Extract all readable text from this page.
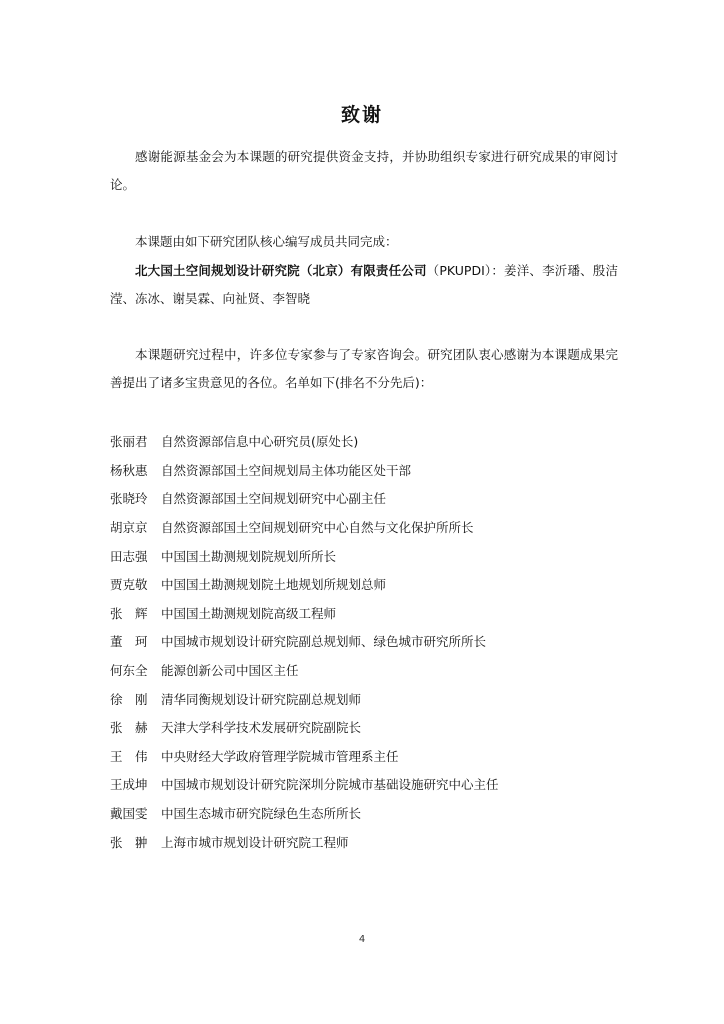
致谢
感谢能源基金会为本课题的研究提供资金支持，并协助组织专家进行研究成果的审阅讨论。
本课题由如下研究团队核心编写成员共同完成：
北大国土空间规划设计研究院（北京）有限责任公司（PKUPDI）：姜洋、李沂璠、殷洁滢、冻冰、谢昊霖、向祉贤、李智晓
本课题研究过程中，许多位专家参与了专家咨询会。研究团队衷心感谢为本课题成果完善提出了诸多宝贵意见的各位。名单如下(排名不分先后)：
张丽君	自然资源部信息中心研究员(原处长)
杨秋惠	自然资源部国土空间规划局主体功能区处干部
张晓玲	自然资源部国土空间规划研究中心副主任
胡京京	自然资源部国土空间规划研究中心自然与文化保护所所长
田志强	中国国土勘测规划院规划所所长
贾克敬	中国国土勘测规划院土地规划所规划总师
张　辉	中国国土勘测规划院高级工程师
董　珂	中国城市规划设计研究院副总规划师、绿色城市研究所所长
何东全	能源创新公司中国区主任
徐　刚	清华同衡规划设计研究院副总规划师
张　赫	天津大学科学技术发展研究院副院长
王　伟	中央财经大学政府管理学院城市管理系主任
王成坤	中国城市规划设计研究院深圳分院城市基础设施研究中心主任
戴国雯	中国生态城市研究院绿色生态所所长
张　翀	上海市城市规划设计研究院工程师
4
